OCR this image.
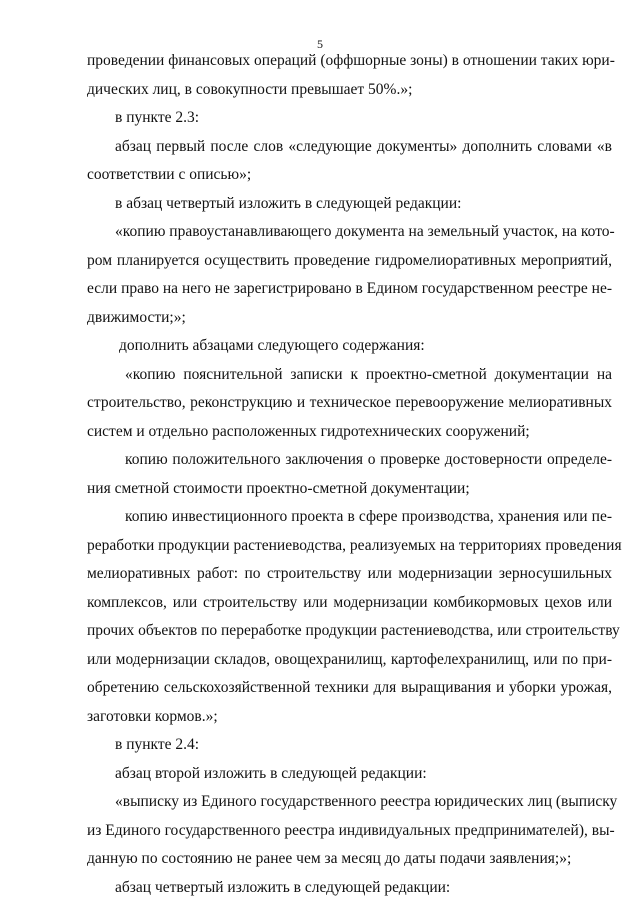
5
проведении финансовых операций (оффшорные зоны) в отношении таких юри-
дических лиц, в совокупности превышает 50%.»;
в пункте 2.3:
абзац первый после слов «следующие документы» дополнить словами «в
соответствии с описью»;
в абзац четвертый изложить в следующей редакции:
«копию правоустанавливающего документа на земельный участок, на кото-
ром планируется осуществить проведение гидромелиоративных мероприятий,
если право на него не зарегистрировано в Едином государственном реестре не-
движимости;»;
дополнить абзацами следующего содержания:
«копию пояснительной записки к проектно-сметной документации на
строительство, реконструкцию и техническое перевооружение мелиоративных
систем и отдельно расположенных гидротехнических сооружений;
копию положительного заключения о проверке достоверности определе-
ния сметной стоимости проектно-сметной документации;
копию инвестиционного проекта в сфере производства, хранения или пе-
реработки продукции растениеводства, реализуемых на территориях проведения
мелиоративных работ: по строительству или модернизации зерносушильных
комплексов, или строительству или модернизации комбикормовых цехов или
прочих объектов по переработке продукции растениеводства, или строительству
или модернизации складов, овощехранилищ, картофелехранилищ, или по при-
обретению сельскохозяйственной техники для выращивания и уборки урожая,
заготовки кормов.»;
в пункте 2.4:
абзац второй изложить в следующей редакции:
«выписку из Единого государственного реестра юридических лиц (выписку
из Единого государственного реестра индивидуальных предпринимателей), вы-
данную по состоянию не ранее чем за месяц до даты подачи заявления;»;
абзац четвертый изложить в следующей редакции:
